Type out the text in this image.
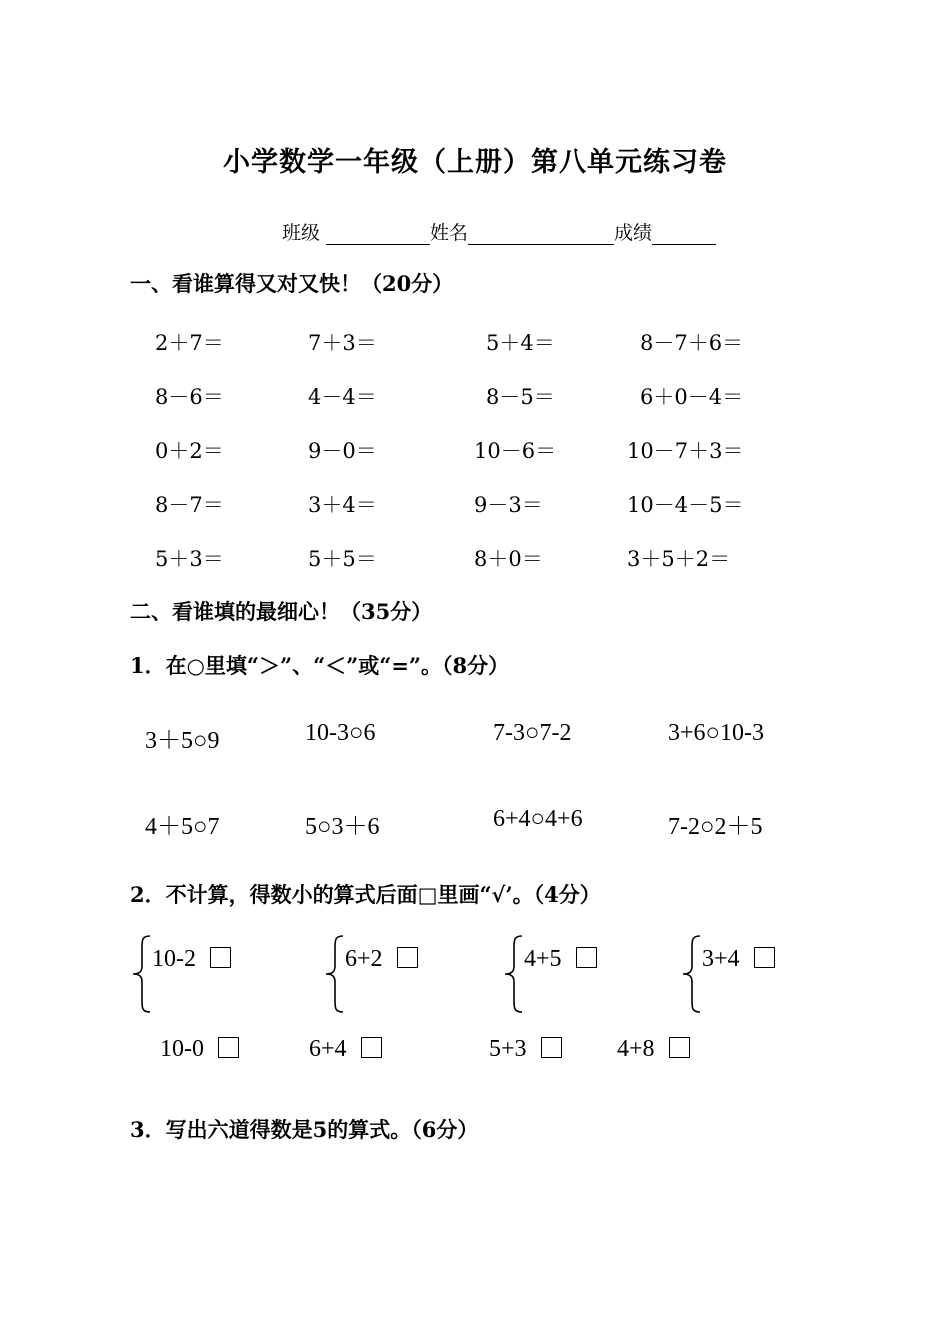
小学数学一年级（上册）第八单元练习卷
班级	姓名	成绩
一、看谁算得又对又快！（20分）
2＋7＝	7＋3＝	5＋4＝	8－7＋6＝
8－6＝	4－4＝	8－5＝	6＋0－4＝
0＋2＝	9－0＝	10－6＝	10－7＋3＝
8－7＝	3＋4＝	9－3＝	10－4－5＝
5＋3＝	5＋5＝	8＋0＝	3＋5＋2＝
二、看谁填的最细心！（35分）
1．在○里填“＞”、“＜”或“=”。（8分）
3＋5○9	10-3○6	7-3○7-2	3+6○10-3
4＋5○7	5○3＋6	6+4○4+6	7-2○2＋5
2．不计算，得数小的算式后面□里画“√’。（4分）
10-2	6+2	4+5	3+4
10-0	6+4	5+3	4+8
3．写出六道得数是5的算式。（6分）
